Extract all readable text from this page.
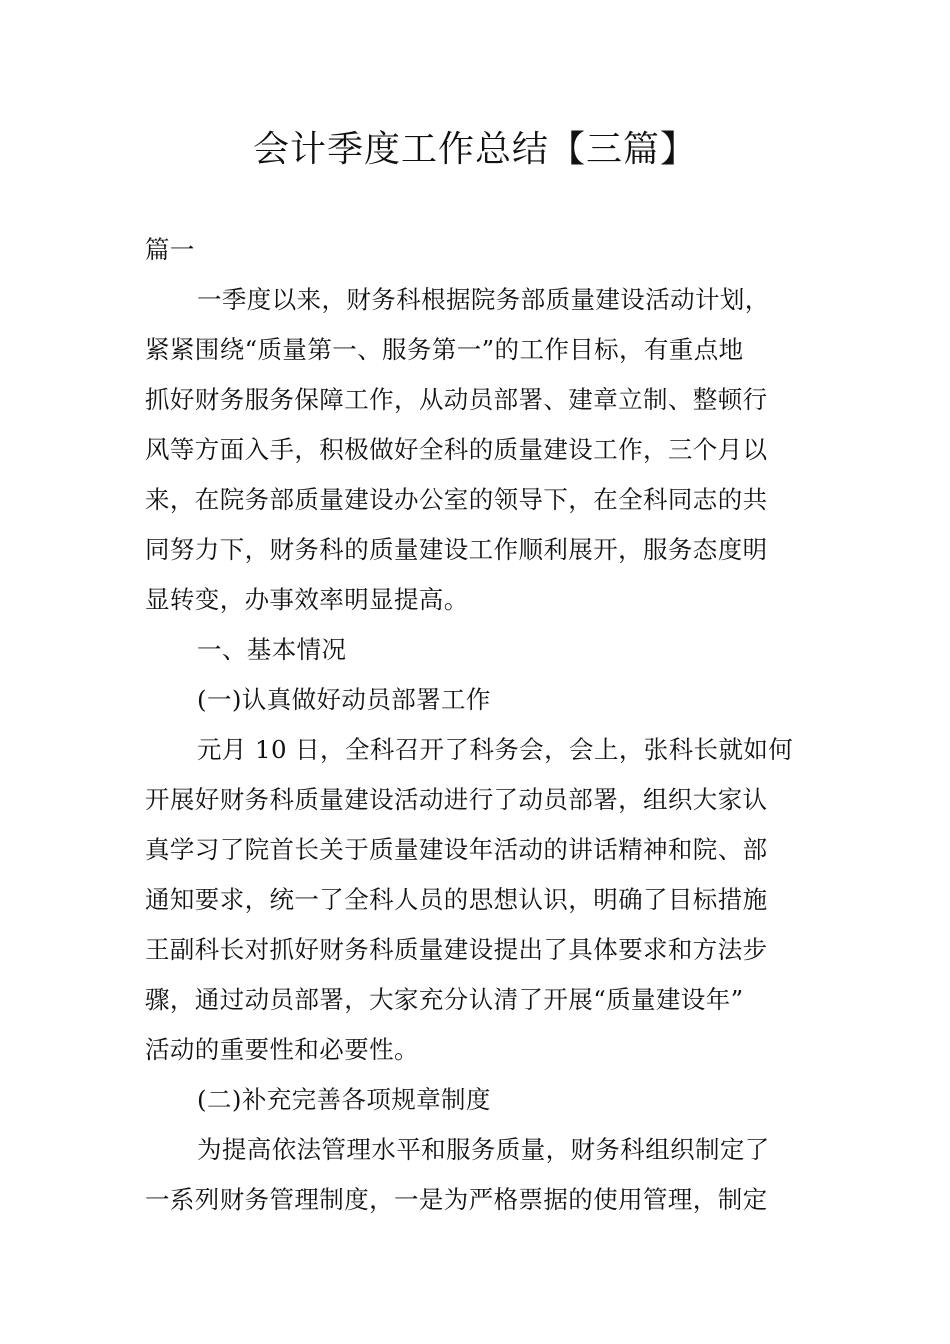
会计季度工作总结【三篇】
篇一
一季度以来，财务科根据院务部质量建设活动计划，
紧紧围绕“质量第一、服务第一”的工作目标，有重点地
抓好财务服务保障工作，从动员部署、建章立制、整顿行
风等方面入手，积极做好全科的质量建设工作，三个月以
来，在院务部质量建设办公室的领导下，在全科同志的共
同努力下，财务科的质量建设工作顺利展开，服务态度明
显转变，办事效率明显提高。
一、基本情况
(一)认真做好动员部署工作
元月 10 日，全科召开了科务会，会上，张科长就如何
开展好财务科质量建设活动进行了动员部署，组织大家认
真学习了院首长关于质量建设年活动的讲话精神和院、部
通知要求，统一了全科人员的思想认识，明确了目标措施
王副科长对抓好财务科质量建设提出了具体要求和方法步
骤，通过动员部署，大家充分认清了开展“质量建设年”
活动的重要性和必要性。
(二)补充完善各项规章制度
为提高依法管理水平和服务质量，财务科组织制定了
一系列财务管理制度，一是为严格票据的使用管理，制定
